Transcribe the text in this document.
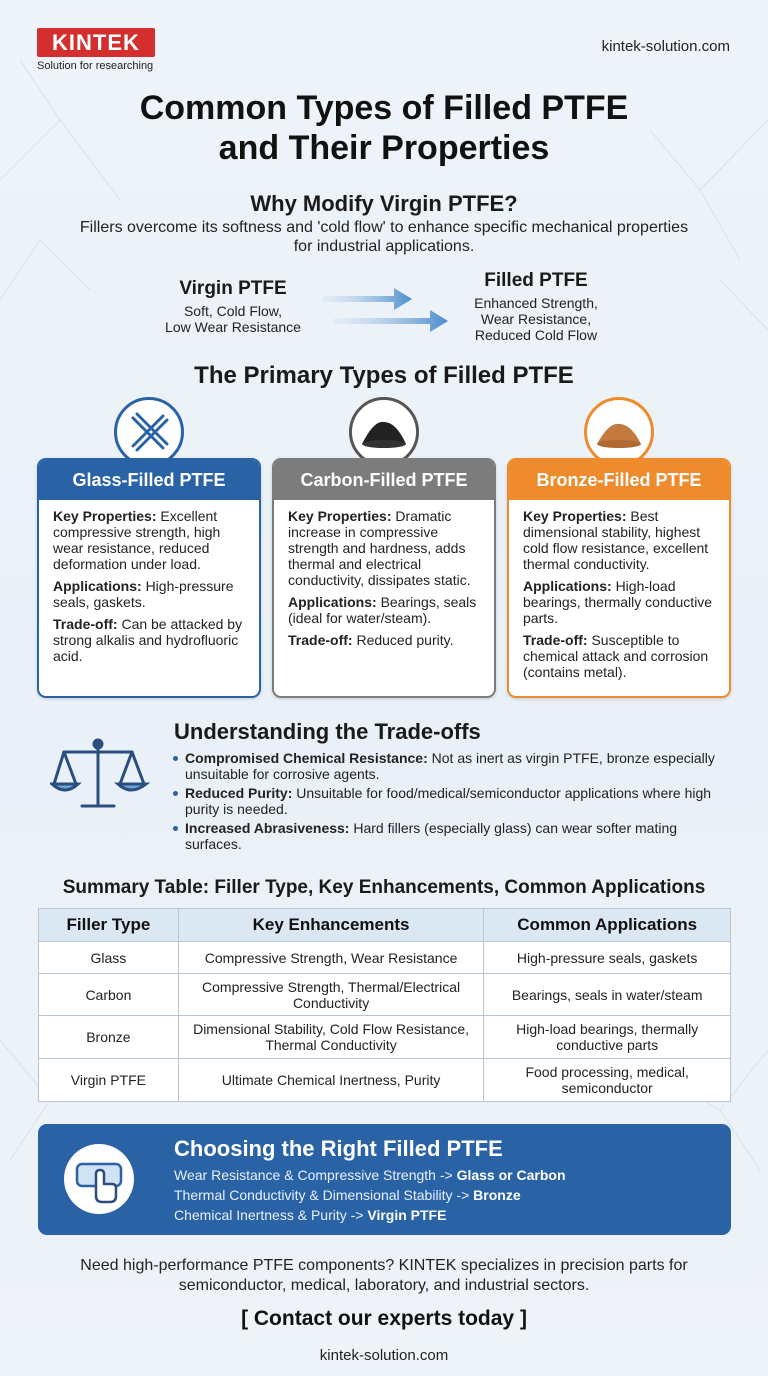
KINTEK
Solution for researching
kintek-solution.com
Common Types of Filled PTFE
and Their Properties
Why Modify Virgin PTFE?
Fillers overcome its softness and 'cold flow' to enhance specific mechanical properties for industrial applications.
Virgin PTFE
Soft, Cold Flow,
Low Wear Resistance
Filled PTFE
Enhanced Strength,
Wear Resistance,
Reduced Cold Flow
The Primary Types of Filled PTFE
Glass-Filled PTFE

Key Properties: Excellent compressive strength, high wear resistance, reduced deformation under load.

Applications: High-pressure seals, gaskets.

Trade-off: Can be attacked by strong alkalis and hydrofluoric acid.

Carbon-Filled PTFE

Key Properties: Dramatic increase in compressive strength and hardness, adds thermal and electrical conductivity, dissipates static.

Applications: Bearings, seals (ideal for water/steam).

Trade-off: Reduced purity.

Bronze-Filled PTFE

Key Properties: Best dimensional stability, highest cold flow resistance, excellent thermal conductivity.

Applications: High-load bearings, thermally conductive parts.

Trade-off: Susceptible to chemical attack and corrosion (contains metal).

Understanding the Trade-offs
Compromised Chemical Resistance: Not as inert as virgin PTFE, bronze especially unsuitable for corrosive agents.
Reduced Purity: Unsuitable for food/medical/semiconductor applications where high purity is needed.
Increased Abrasiveness: Hard fillers (especially glass) can wear softer mating surfaces.
Summary Table: Filler Type, Key Enhancements, Common Applications
Filler Type	Key Enhancements	Common Applications
Glass	Compressive Strength, Wear Resistance	High-pressure seals, gaskets
Carbon	Compressive Strength, Thermal/Electrical Conductivity	Bearings, seals in water/steam
Bronze	Dimensional Stability, Cold Flow Resistance, Thermal Conductivity	High-load bearings, thermally conductive parts
Virgin PTFE	Ultimate Chemical Inertness, Purity	Food processing, medical, semiconductor
Choosing the Right Filled PTFE
Wear Resistance & Compressive Strength -> Glass or Carbon
Thermal Conductivity & Dimensional Stability -> Bronze
Chemical Inertness & Purity -> Virgin PTFE
Need high-performance PTFE components? KINTEK specializes in precision parts for semiconductor, medical, laboratory, and industrial sectors.
[ Contact our experts today ]
kintek-solution.com
